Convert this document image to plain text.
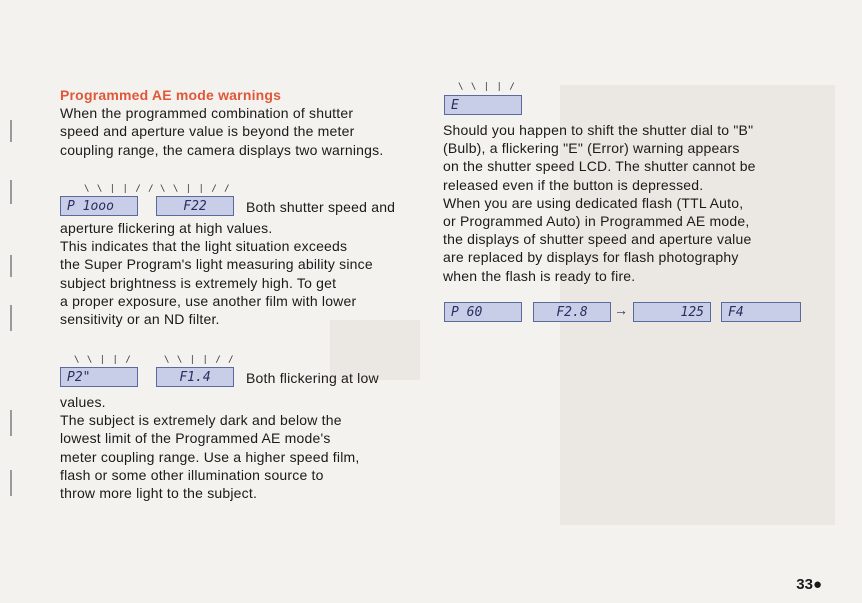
Programmed AE mode warnings
When the programmed combination of shutter
speed and aperture value is beyond the meter
coupling range, the camera displays two warnings.
\ \ | | / / \ \ | | / /
P 1ooo	F22	Both shutter speed and
aperture flickering at high values.
This indicates that the light situation exceeds
the Super Program's light measuring ability since
subject brightness is extremely high. To get
a proper exposure, use another film with lower
sensitivity or an ND filter.
\ \ | | /	\ \ | | / /
P2"	F1.4	Both flickering at low
values.
The subject is extremely dark and below the
lowest limit of the Programmed AE mode's
meter coupling range. Use a higher speed film,
flash or some other illumination source to
throw more light to the subject.
\ \ | | /
E
Should you happen to shift the shutter dial to "B"
(Bulb), a flickering "E" (Error) warning appears
on the shutter speed LCD. The shutter cannot be
released even if the button is depressed.
When you are using dedicated flash (TTL Auto,
or Programmed Auto) in Programmed AE mode,
the displays of shutter speed and aperture value
are replaced by displays for flash photography
when the flash is ready to fire.
P 60	F2.8	→	125	F4
33●
